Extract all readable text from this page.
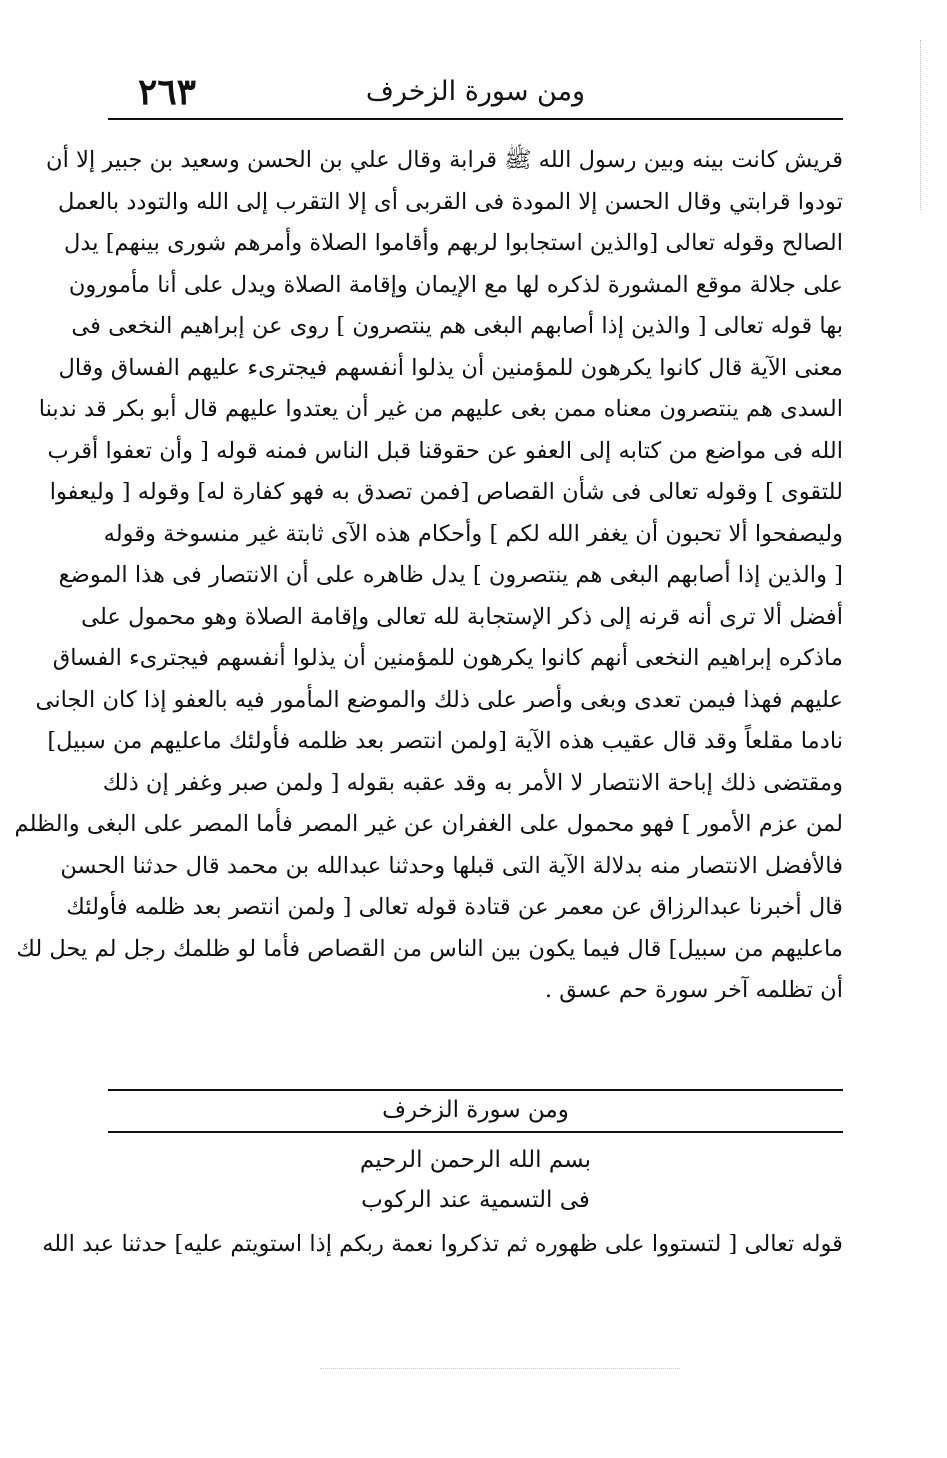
٢٦٣	ومن سورة الزخرف
قريش كانت بينه وبين رسول الله ﷺ قرابة وقال علي بن الحسن وسعيد بن جبير إلا أن
تودوا قرابتي وقال الحسن إلا المودة فى القربى أى إلا التقرب إلى الله والتودد بالعمل
الصالح وقوله تعالى [والذين استجابوا لربهم وأقاموا الصلاة وأمرهم شورى بينهم] يدل
على جلالة موقع المشورة لذكره لها مع الإيمان وإقامة الصلاة ويدل على أنا مأمورون
بها قوله تعالى [ والذين إذا أصابهم البغى هم ينتصرون ] روى عن إبراهيم النخعى فى
معنى الآية قال كانوا يكرهون للمؤمنين أن يذلوا أنفسهم فيجترىء عليهم الفساق وقال
السدى هم ينتصرون معناه ممن بغى عليهم من غير أن يعتدوا عليهم قال أبو بكر قد ندبنا
الله فى مواضع من كتابه إلى العفو عن حقوقنا قبل الناس فمنه قوله [ وأن تعفوا أقرب
للتقوى ] وقوله تعالى فى شأن القصاص [فمن تصدق به فهو كفارة له] وقوله [ وليعفوا
وليصفحوا ألا تحبون أن يغفر الله لكم ] وأحكام هذه الآى ثابتة غير منسوخة وقوله
[ والذين إذا أصابهم البغى هم ينتصرون ] يدل ظاهره على أن الانتصار فى هذا الموضع
أفضل ألا ترى أنه قرنه إلى ذكر الإستجابة لله تعالى وإقامة الصلاة وهو محمول على
ماذكره إبراهيم النخعى أنهم كانوا يكرهون للمؤمنين أن يذلوا أنفسهم فيجترىء الفساق
عليهم فهذا فيمن تعدى وبغى وأصر على ذلك والموضع المأمور فيه بالعفو إذا كان الجانى
نادما مقلعاً وقد قال عقيب هذه الآية [ولمن انتصر بعد ظلمه فأولئك ماعليهم من سبيل]
ومقتضى ذلك إباحة الانتصار لا الأمر به وقد عقبه بقوله [ ولمن صبر وغفر إن ذلك
لمن عزم الأمور ] فهو محمول على الغفران عن غير المصر فأما المصر على البغى والظلم
فالأفضل الانتصار منه بدلالة الآية التى قبلها وحدثنا عبدالله بن محمد قال حدثنا الحسن
قال أخبرنا عبدالرزاق عن معمر عن قتادة قوله تعالى [ ولمن انتصر بعد ظلمه فأولئك
ماعليهم من سبيل] قال فيما يكون بين الناس من القصاص فأما لو ظلمك رجل لم يحل لك
أن تظلمه آخر سورة حم عسق .
ومن سورة الزخرف
بسم الله الرحمن الرحيم
فى التسمية عند الركوب
قوله تعالى [ لتستووا على ظهوره ثم تذكروا نعمة ربكم إذا استويتم عليه] حدثنا عبد الله
